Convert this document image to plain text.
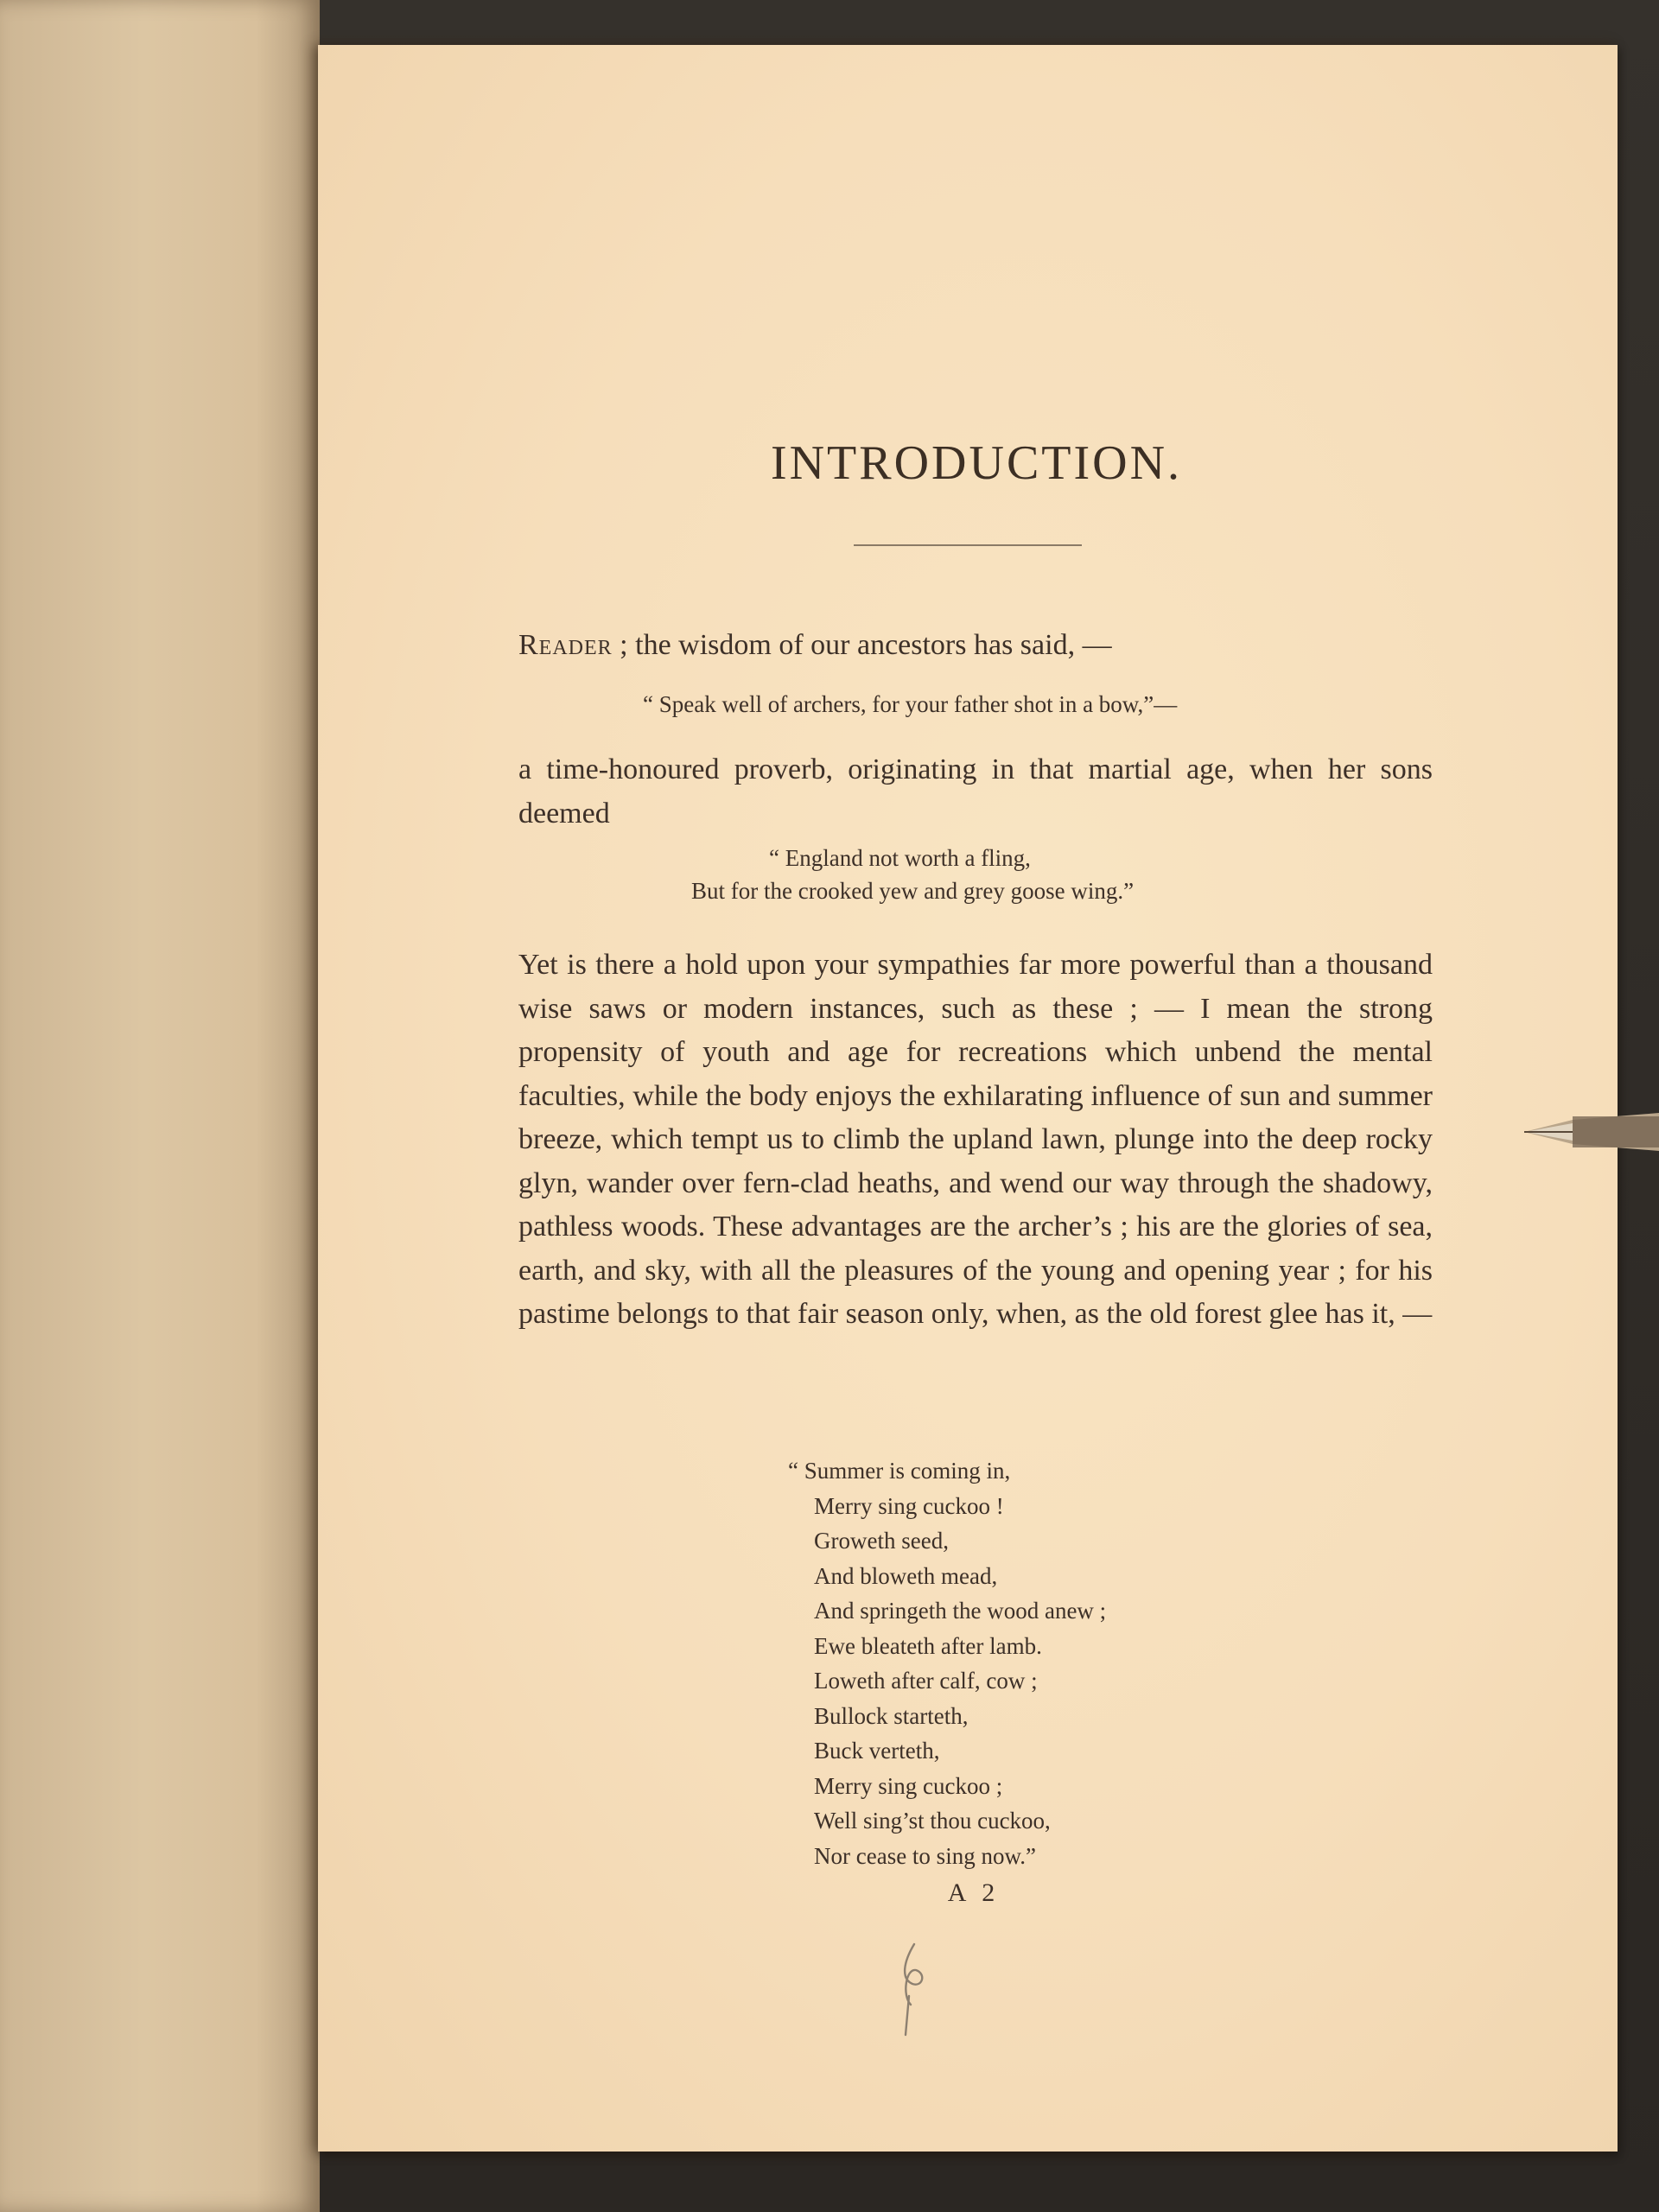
INTRODUCTION.

Reader ; the wisdom of our ancestors has said, —

“ Speak well of archers, for your father shot in a bow,”—

a time-honoured proverb, originating in that martial age, when her sons deemed

“ England not worth a fling,
But for the crooked yew and grey goose wing.”

Yet is there a hold upon your sympathies far more powerful than a thousand wise saws or modern instances, such as these ; — I mean the strong propensity of youth and age for recreations which unbend the mental faculties, while the body enjoys the exhilarating influence of sun and summer breeze, which tempt us to climb the upland lawn, plunge into the deep rocky glyn, wander over fern-clad heaths, and wend our way through the shadowy, pathless woods. These advantages are the archer’s ; his are the glories of sea, earth, and sky, with all the pleasures of the young and opening year ; for his pastime belongs to that fair season only, when, as the old forest glee has it, —

“ Summer is coming in,
Merry sing cuckoo !
Groweth seed,
And bloweth mead,
And springeth the wood anew ;
Ewe bleateth after lamb.
Loweth after calf, cow ;
Bullock starteth,
Buck verteth,
Merry sing cuckoo ;
Well sing’st thou cuckoo,
Nor cease to sing now.”
A 2
